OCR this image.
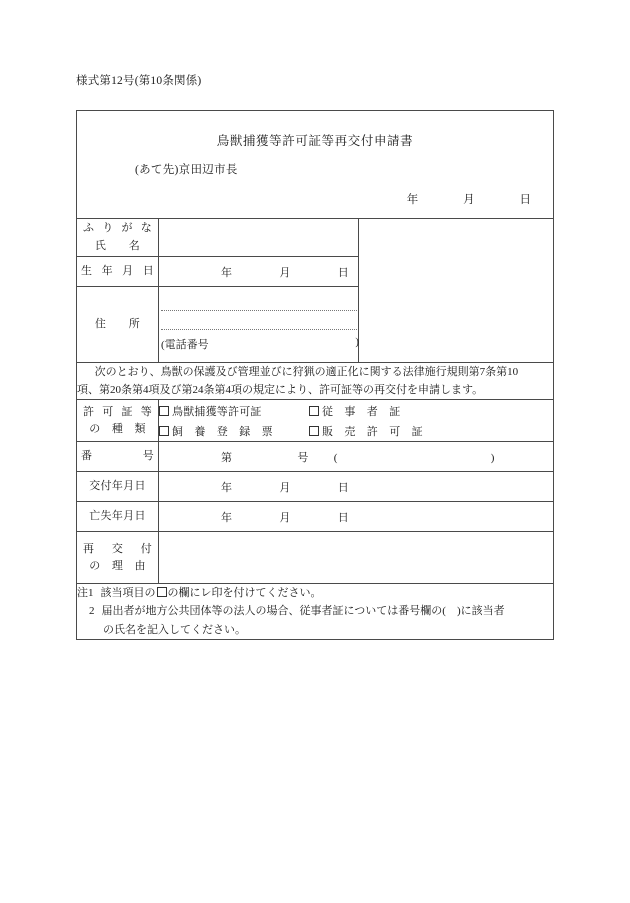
様式第12号(第10条関係)
鳥獣捕獲等許可証等再交付申請書
(あて先)京田辺市長
年 月 日		

ふりがな
氏　　名		

生年月日	年 月 日	

住　　所	(電話番号 )	

次のとおり、鳥獣の保護及び管理並びに狩猟の適正化に関する法律施行規則第7条第10

項、第20条第4項及び第24条第4項の規定により、許可証等の再交付を申請します。		

許可証等
の　種　類	鳥獣捕獲等許可証 従　事　者　証
飼　養　登　録　票 販　売　許　可　証	

番　　号	第 号 ( )	

交付年月日	年 月 日	

亡失年月日	年 月 日	

再　交　付
の　理　由		

注1 該当項目の の欄にレ印を付けてください。
2 届出者が地方公共団体等の法人の場合、従事者証については番号欄の(　)に該当者
の氏名を記入してください。		
